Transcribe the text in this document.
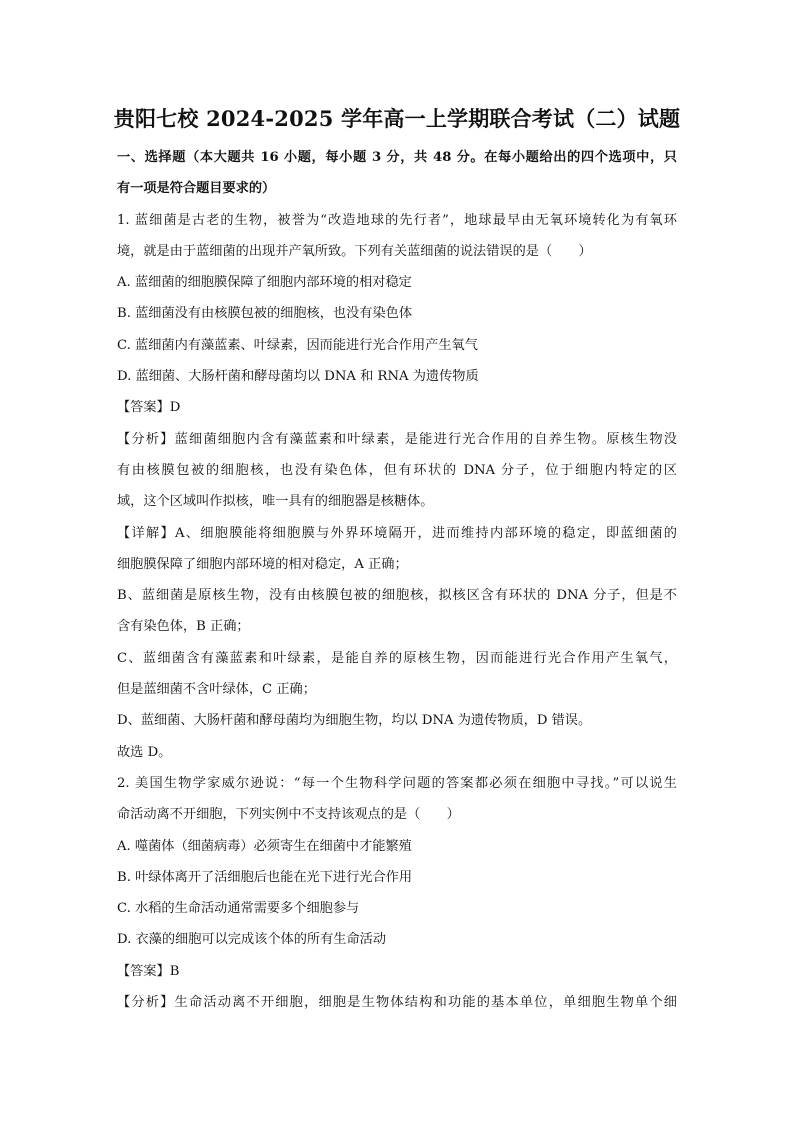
贵阳七校 2024-2025 学年高一上学期联合考试（二）试题
一、选择题（本大题共 16 小题，每小题 3 分，共 48 分。在每小题给出的四个选项中，只
有一项是符合题目要求的）
1. 蓝细菌是古老的生物，被誉为“改造地球的先行者”，地球最早由无氧环境转化为有氧环
境，就是由于蓝细菌的出现并产氧所致。下列有关蓝细菌的说法错误的是（　　）
A. 蓝细菌的细胞膜保障了细胞内部环境的相对稳定
B. 蓝细菌没有由核膜包被的细胞核，也没有染色体
C. 蓝细菌内有藻蓝素、叶绿素，因而能进行光合作用产生氧气
D. 蓝细菌、大肠杆菌和酵母菌均以 DNA 和 RNA 为遗传物质
【答案】D
【分析】蓝细菌细胞内含有藻蓝素和叶绿素，是能进行光合作用的自养生物。原核生物没
有由核膜包被的细胞核，也没有染色体，但有环状的 DNA 分子，位于细胞内特定的区
域，这个区域叫作拟核，唯一具有的细胞器是核糖体。
【详解】A、细胞膜能将细胞膜与外界环境隔开，进而维持内部环境的稳定，即蓝细菌的
细胞膜保障了细胞内部环境的相对稳定，A 正确；
B、蓝细菌是原核生物，没有由核膜包被的细胞核，拟核区含有环状的 DNA 分子，但是不
含有染色体，B 正确；
C、蓝细菌含有藻蓝素和叶绿素，是能自养的原核生物，因而能进行光合作用产生氧气，
但是蓝细菌不含叶绿体，C 正确；
D、蓝细菌、大肠杆菌和酵母菌均为细胞生物，均以 DNA 为遗传物质，D 错误。
故选 D。
2. 美国生物学家威尔逊说：“每一个生物科学问题的答案都必须在细胞中寻找。”可以说生
命活动离不开细胞，下列实例中不支持该观点的是（　　）
A. 噬菌体（细菌病毒）必须寄生在细菌中才能繁殖
B. 叶绿体离开了活细胞后也能在光下进行光合作用
C. 水稻的生命活动通常需要多个细胞参与
D. 衣藻的细胞可以完成该个体的所有生命活动
【答案】B
【分析】生命活动离不开细胞，细胞是生物体结构和功能的基本单位，单细胞生物单个细
